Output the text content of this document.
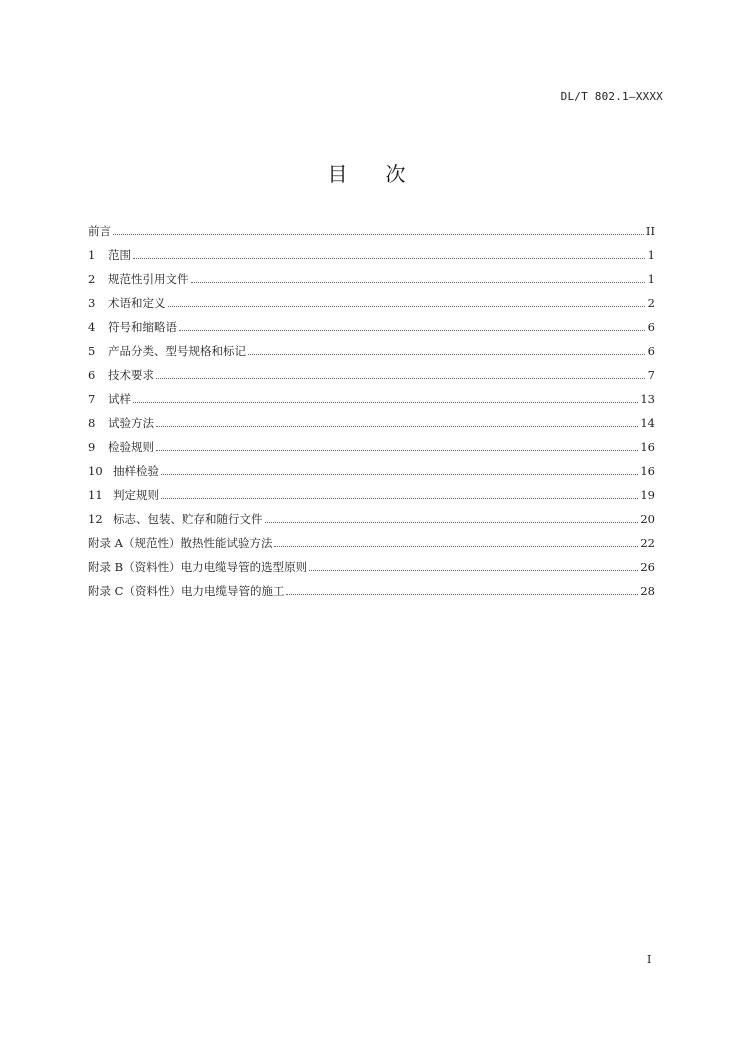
DL/T 802.1—XXXX
目 次
前言	II
1	范围	1
2	规范性引用文件	1
3	术语和定义	2
4	符号和缩略语	6
5	产品分类、型号规格和标记	6
6	技术要求	7
7	试样	13
8	试验方法	14
9	检验规则	16
10 抽样检验	16
11 判定规则	19
12 标志、包装、贮存和随行文件	20
附录 A（规范性）散热性能试验方法	22
附录 B（资料性）电力电缆导管的选型原则	26
附录 C（资料性）电力电缆导管的施工	28
I
